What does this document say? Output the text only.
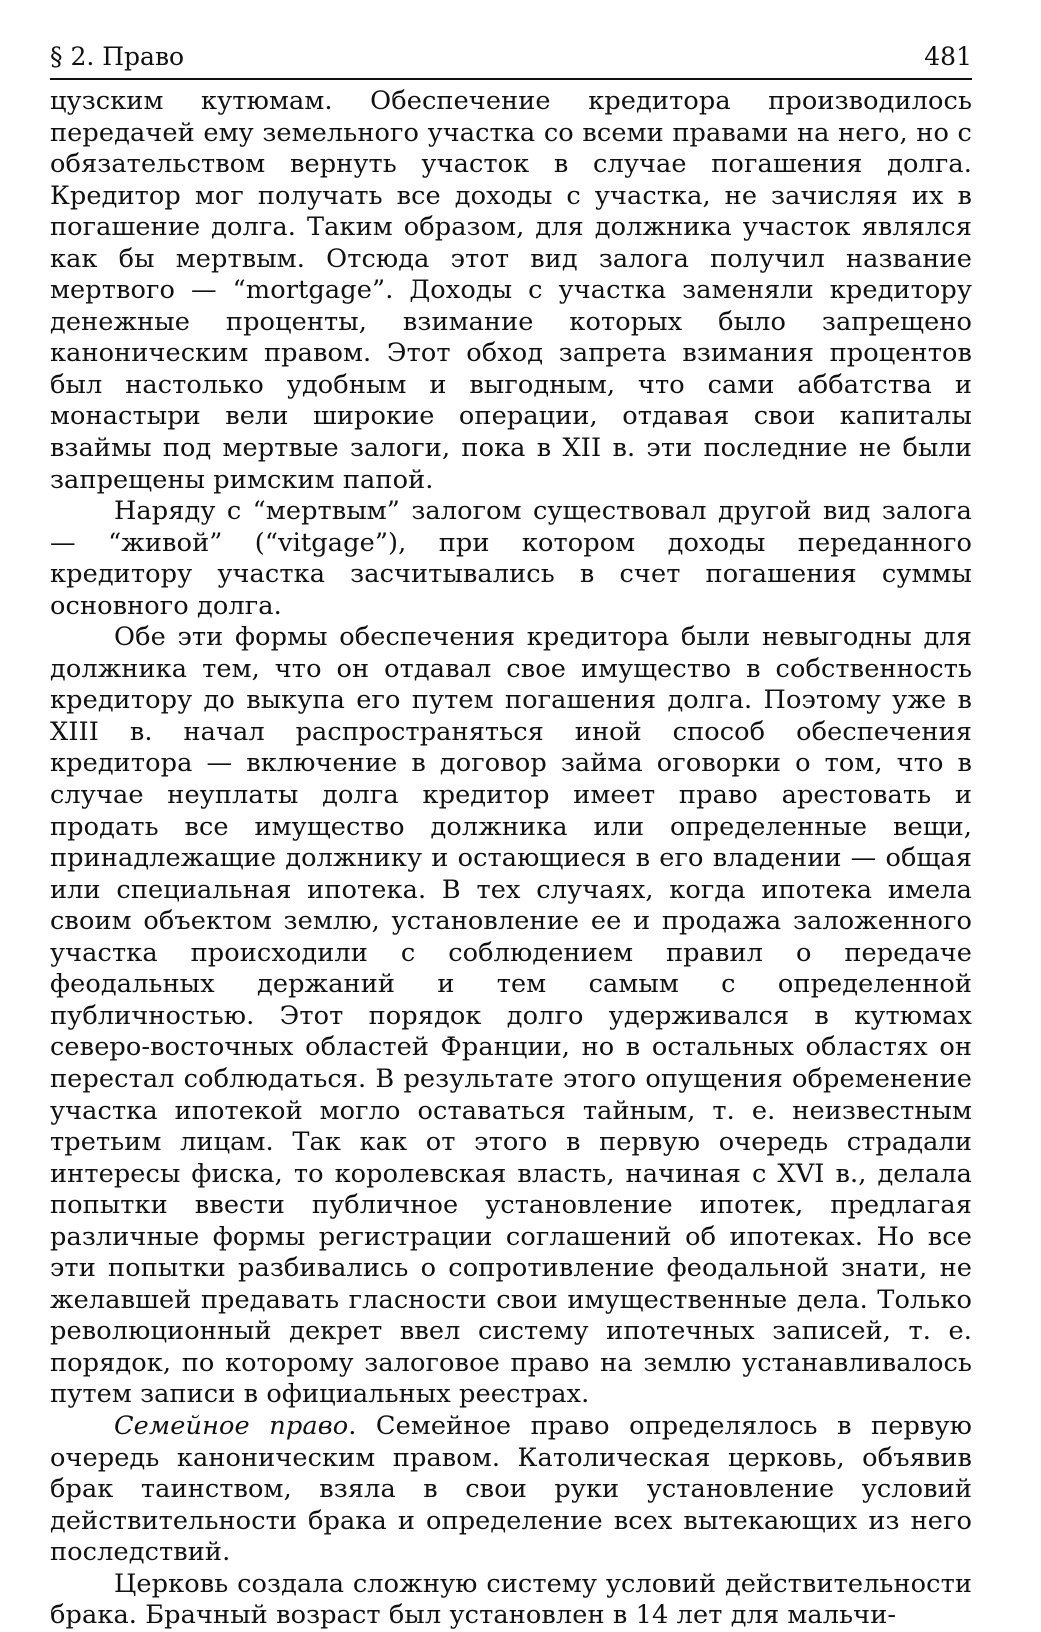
§ 2. Право	481

цузским кутюмам. Обеспечение кредитора производилось передачей ему земельного участка со всеми правами на него, но с обязательством вернуть участок в случае погашения долга. Кредитор мог получать все доходы с участка, не зачисляя их в погашение долга. Таким образом, для должника участок являлся как бы мертвым. Отсюда этот вид залога получил название мертвого — “mortgage”. Доходы с участка заменяли кредитору денежные проценты, взимание которых было запрещено каноническим правом. Этот обход запрета взимания процентов был настолько удобным и выгодным, что сами аббатства и монастыри вели широкие операции, отдавая свои капиталы взаймы под мертвые залоги, пока в XII в. эти последние не были запрещены римским папой.

Наряду с “мертвым” залогом существовал другой вид залога — “живой” (“vitgage”), при котором доходы переданного кредитору участка засчитывались в счет погашения суммы основного долга.

Обе эти формы обеспечения кредитора были невыгодны для должника тем, что он отдавал свое имущество в собственность кредитору до выкупа его путем погашения долга. Поэтому уже в XIII в. начал распространяться иной способ обеспечения кредитора — включение в договор займа оговорки о том, что в случае неуплаты долга кредитор имеет право арестовать и продать все имущество должника или определенные вещи, принадлежащие должнику и остающиеся в его владении — общая или специальная ипотека. В тех случаях, когда ипотека имела своим объектом землю, установление ее и продажа заложенного участка происходили с соблюдением правил о передаче феодальных держаний и тем самым с определенной публичностью. Этот порядок долго удерживался в кутюмах северо-восточных областей Франции, но в остальных областях он перестал соблюдаться. В результате этого опущения обременение участка ипотекой могло оставаться тайным, т. е. неизвестным третьим лицам. Так как от этого в первую очередь страдали интересы фиска, то королевская власть, начиная с XVI в., делала попытки ввести публичное установление ипотек, предлагая различные формы регистрации соглашений об ипотеках. Но все эти попытки разбивались о сопротивление феодальной знати, не желавшей предавать гласности свои имущественные дела. Только революционный декрет ввел систему ипотечных записей, т. е. порядок, по которому залоговое право на землю устанавливалось путем записи в официальных реестрах.

Семейное право. Семейное право определялось в первую очередь каноническим правом. Католическая церковь, объявив брак таинством, взяла в свои руки установление условий действительности брака и определение всех вытекающих из него последствий.

Церковь создала сложную систему условий действительности брака. Брачный возраст был установлен в 14 лет для мальчи-
